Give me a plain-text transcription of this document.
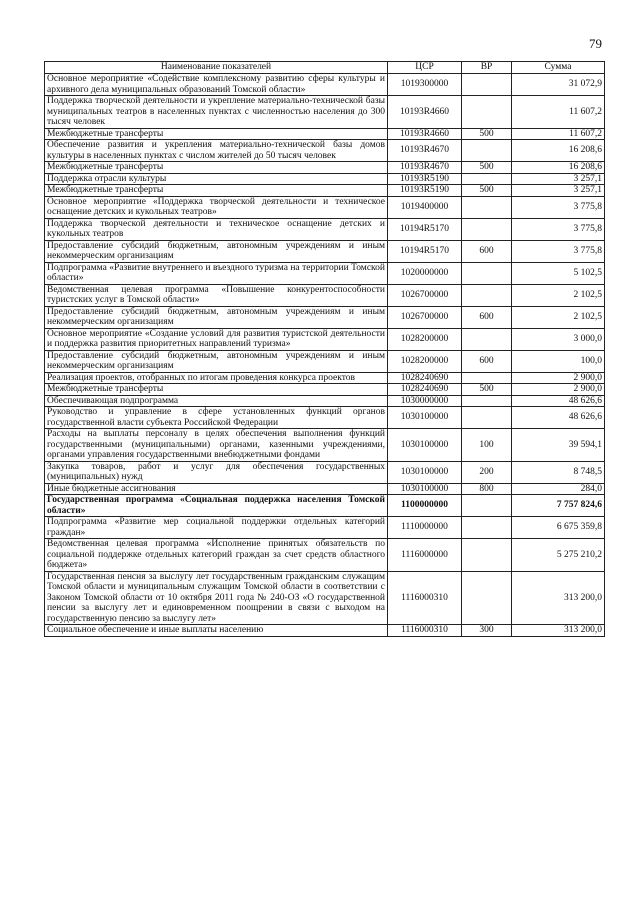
79
Наименование показателей	ЦСР	ВР	Сумма
Основное мероприятие «Содействие комплексному развитию сферы культуры и архивного дела муниципальных образований Томской области»	1019300000		31 072,9
Поддержка творческой деятельности и укрепление материально-технической базы муниципальных театров в населенных пунктах с численностью населения до 300 тысяч человек	10193R4660		11 607,2
Межбюджетные трансферты	10193R4660	500	11 607,2
Обеспечение развития и укрепления материально-технической базы домов культуры в населенных пунктах с числом жителей до 50 тысяч человек	10193R4670		16 208,6
Межбюджетные трансферты	10193R4670	500	16 208,6
Поддержка отрасли культуры	10193R5190		3 257,1
Межбюджетные трансферты	10193R5190	500	3 257,1
Основное мероприятие «Поддержка творческой деятельности и техническое оснащение детских и кукольных театров»	1019400000		3 775,8
Поддержка творческой деятельности и техническое оснащение детских и кукольных театров	10194R5170		3 775,8
Предоставление субсидий бюджетным, автономным учреждениям и иным некоммерческим организациям	10194R5170	600	3 775,8
Подпрограмма «Развитие внутреннего и въездного туризма на территории Томской области»	1020000000		5 102,5
Ведомственная целевая программа «Повышение конкурентоспособности туристских услуг в Томской области»	1026700000		2 102,5
Предоставление субсидий бюджетным, автономным учреждениям и иным некоммерческим организациям	1026700000	600	2 102,5
Основное мероприятие «Создание условий для развития туристской деятельности и поддержка развития приоритетных направлений туризма»	1028200000		3 000,0
Предоставление субсидий бюджетным, автономным учреждениям и иным некоммерческим организациям	1028200000	600	100,0
Реализация проектов, отобранных по итогам проведения конкурса проектов	1028240690		2 900,0
Межбюджетные трансферты	1028240690	500	2 900,0
Обеспечивающая подпрограмма	1030000000		48 626,6
Руководство и управление в сфере установленных функций органов государственной власти субъекта Российской Федерации	1030100000		48 626,6
Расходы на выплаты персоналу в целях обеспечения выполнения функций государственными (муниципальными) органами, казенными учреждениями, органами управления государственными внебюджетными фондами	1030100000	100	39 594,1
Закупка товаров, работ и услуг для обеспечения государственных (муниципальных) нужд	1030100000	200	8 748,5
Иные бюджетные ассигнования	1030100000	800	284,0
Государственная программа «Социальная поддержка населения Томской области»	1100000000		7 757 824,6
Подпрограмма «Развитие мер социальной поддержки отдельных категорий граждан»	1110000000		6 675 359,8
Ведомственная целевая программа «Исполнение принятых обязательств по социальной поддержке отдельных категорий граждан за счет средств областного бюджета»	1116000000		5 275 210,2
Государственная пенсия за выслугу лет государственным гражданским служащим Томской области и муниципальным служащим Томской области в соответствии с Законом Томской области от 10 октября 2011 года № 240-ОЗ «О государственной пенсии за выслугу лет и единовременном поощрении в связи с выходом на государственную пенсию за выслугу лет»	1116000310		313 200,0
Социальное обеспечение и иные выплаты населению	1116000310	300	313 200,0
